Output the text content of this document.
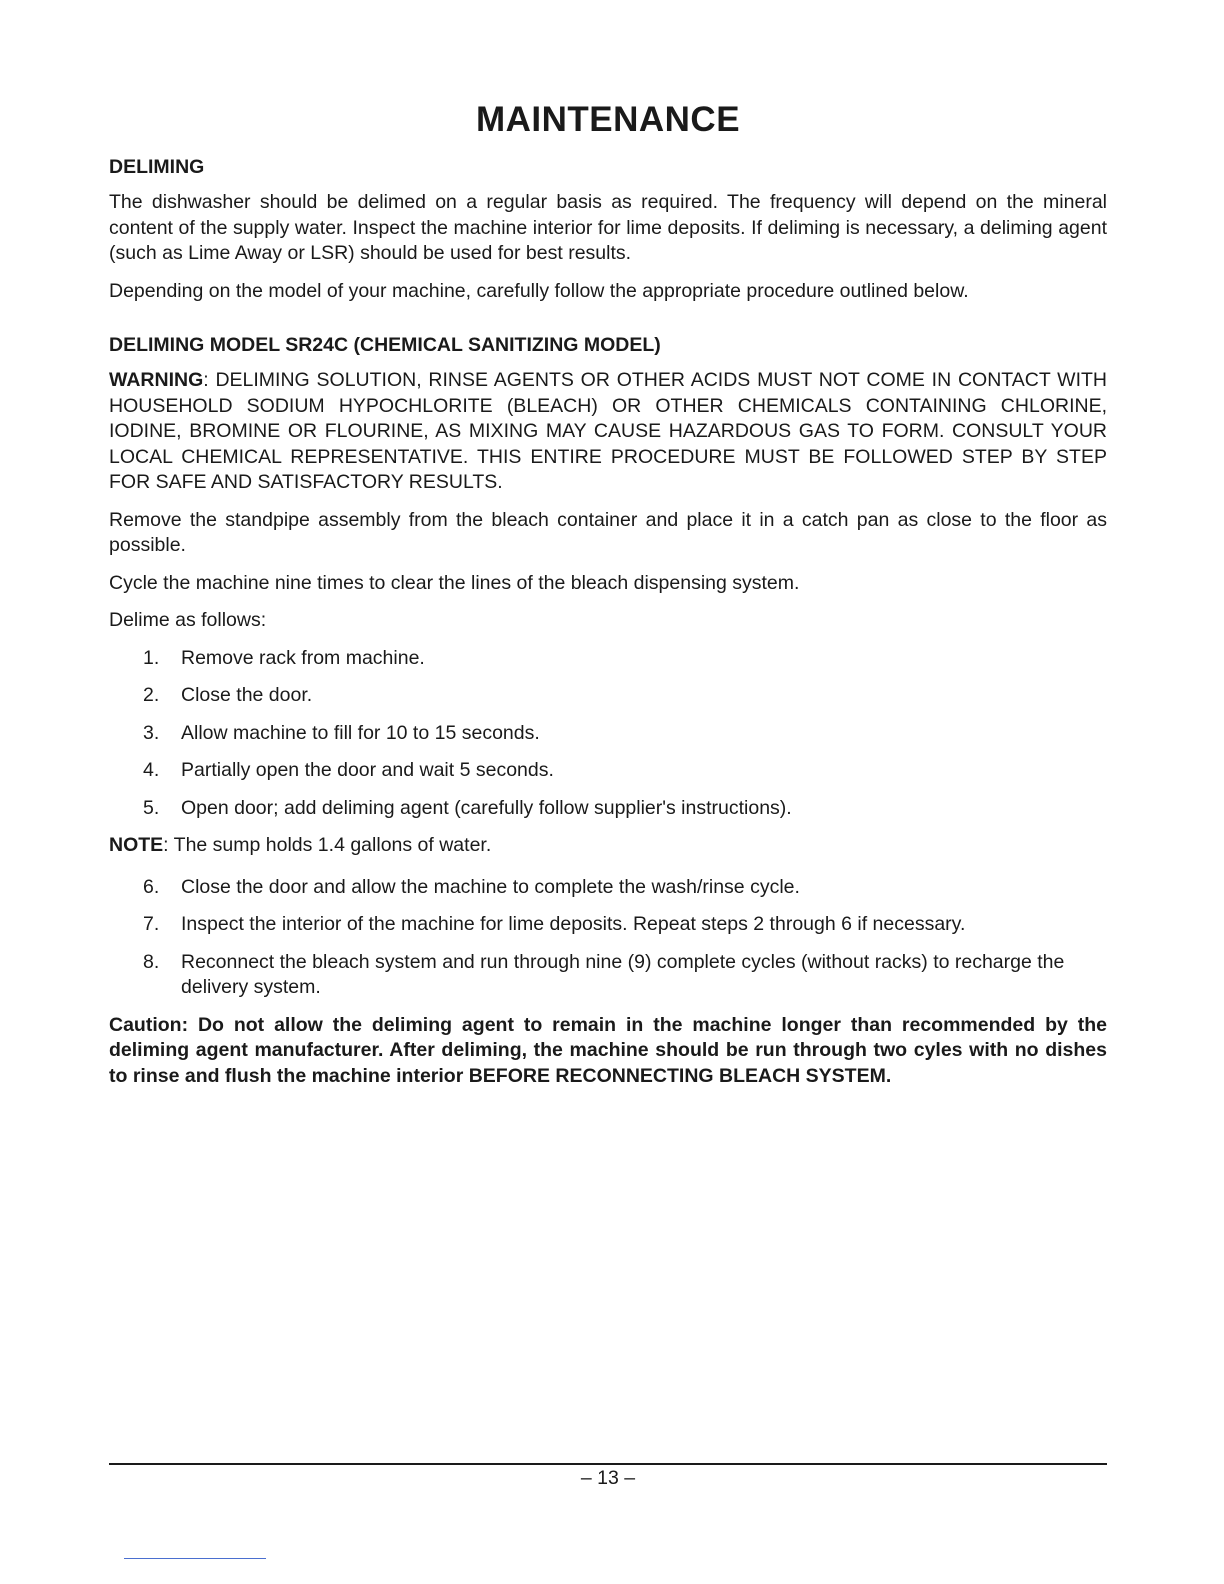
MAINTENANCE
DELIMING

The dishwasher should be delimed on a regular basis as required. The frequency will depend on the mineral content of the supply water. Inspect the machine interior for lime deposits. If deliming is necessary, a deliming agent (such as Lime Away or LSR) should be used for best results.

Depending on the model of your machine, carefully follow the appropriate procedure outlined below.

DELIMING MODEL SR24C (CHEMICAL SANITIZING MODEL)

WARNING: DELIMING SOLUTION, RINSE AGENTS OR OTHER ACIDS MUST NOT COME IN CONTACT WITH HOUSEHOLD SODIUM HYPOCHLORITE (BLEACH) OR OTHER CHEMICALS CONTAINING CHLORINE, IODINE, BROMINE OR FLOURINE, AS MIXING MAY CAUSE HAZARDOUS GAS TO FORM. CONSULT YOUR LOCAL CHEMICAL REPRESENTATIVE. THIS ENTIRE PROCEDURE MUST BE FOLLOWED STEP BY STEP FOR SAFE AND SATISFACTORY RESULTS.

Remove the standpipe assembly from the bleach container and place it in a catch pan as close to the floor as possible.

Cycle the machine nine times to clear the lines of the bleach dispensing system.

Delime as follows:

1. Remove rack from machine.
2. Close the door.
3. Allow machine to fill for 10 to 15 seconds.
4. Partially open the door and wait 5 seconds.
5. Open door; add deliming agent (carefully follow supplier's instructions).

NOTE: The sump holds 1.4 gallons of water.

6. Close the door and allow the machine to complete the wash/rinse cycle.
7. Inspect the interior of the machine for lime deposits. Repeat steps 2 through 6 if necessary.
8. Reconnect the bleach system and run through nine (9) complete cycles (without racks) to recharge the delivery system.

Caution: Do not allow the deliming agent to remain in the machine longer than recommended by the deliming agent manufacturer. After deliming, the machine should be run through two cyles with no dishes to rinse and flush the machine interior BEFORE RECONNECTING BLEACH SYSTEM.

– 13 –
